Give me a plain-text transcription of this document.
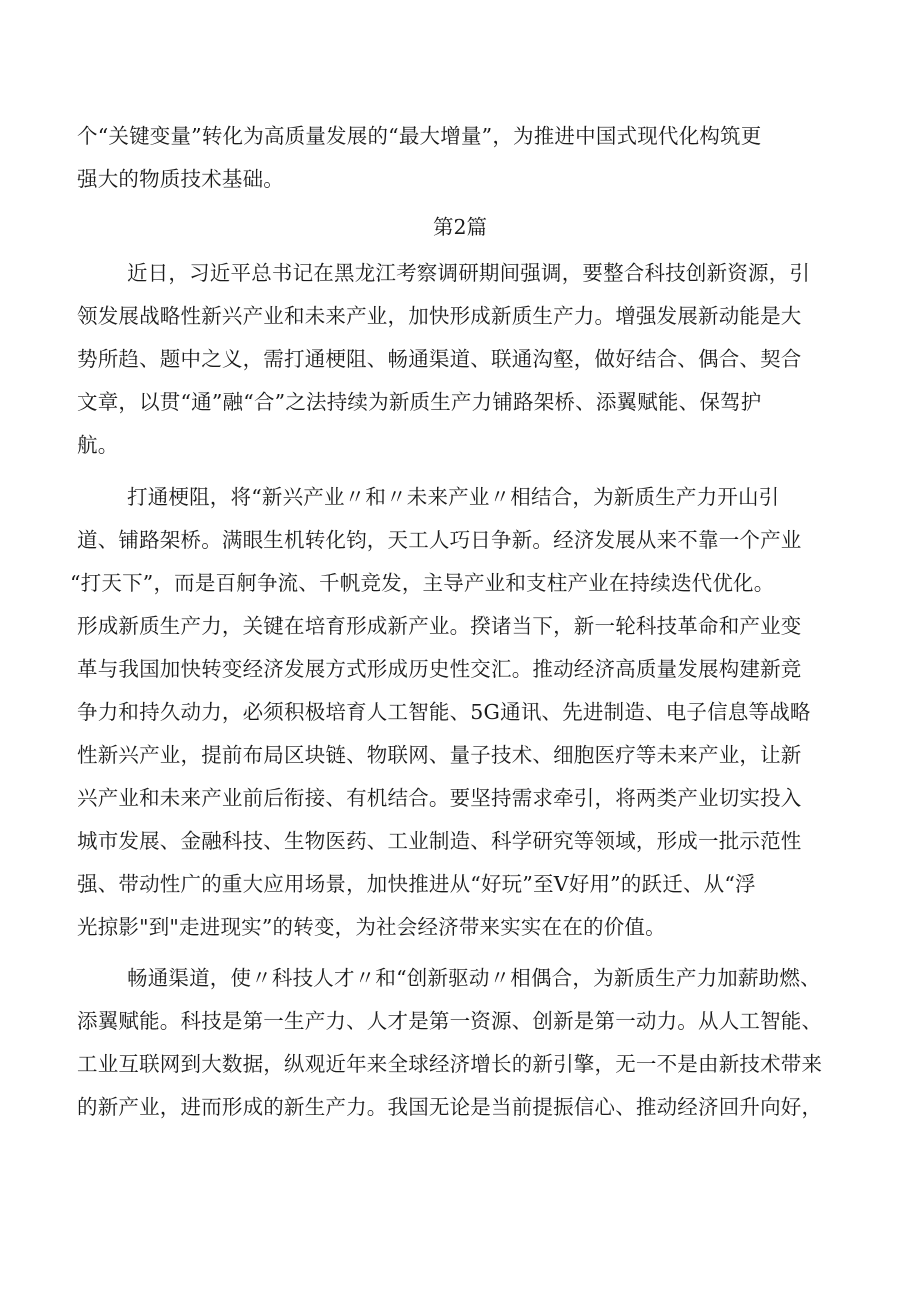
个“关键变量”转化为高质量发展的“最大增量”，为推进中国式现代化构筑更
强大的物质技术基础。
第2篇
近日，习近平总书记在黑龙江考察调研期间强调，要整合科技创新资源，引
领发展战略性新兴产业和未来产业，加快形成新质生产力。增强发展新动能是大
势所趋、题中之义，需打通梗阻、畅通渠道、联通沟壑，做好结合、偶合、契合
文章，以贯“通”融“合”之法持续为新质生产力铺路架桥、添翼赋能、保驾护
航。
打通梗阻，将“新兴产业〃和〃未来产业〃相结合，为新质生产力开山引
道、铺路架桥。满眼生机转化钧，天工人巧日争新。经济发展从来不靠一个产业
“打天下”，而是百舸争流、千帆竞发，主导产业和支柱产业在持续迭代优化。
形成新质生产力，关键在培育形成新产业。揆诸当下，新一轮科技革命和产业变
革与我国加快转变经济发展方式形成历史性交汇。推动经济高质量发展构建新竞
争力和持久动力，必须积极培育人工智能、5G通讯、先进制造、电子信息等战略
性新兴产业，提前布局区块链、物联网、量子技术、细胞医疗等未来产业，让新
兴产业和未来产业前后衔接、有机结合。要坚持需求牵引，将两类产业切实投入
城市发展、金融科技、生物医药、工业制造、科学研究等领域，形成一批示范性
强、带动性广的重大应用场景，加快推进从“好玩”至V好用”的跃迁、从“浮
光掠影"到"走进现实”的转变，为社会经济带来实实在在的价值。
畅通渠道，使〃科技人才〃和“创新驱动〃相偶合，为新质生产力加薪助燃、
添翼赋能。科技是第一生产力、人才是第一资源、创新是第一动力。从人工智能、
工业互联网到大数据，纵观近年来全球经济增长的新引擎，无一不是由新技术带来
的新产业，进而形成的新生产力。我国无论是当前提振信心、推动经济回升向好，
